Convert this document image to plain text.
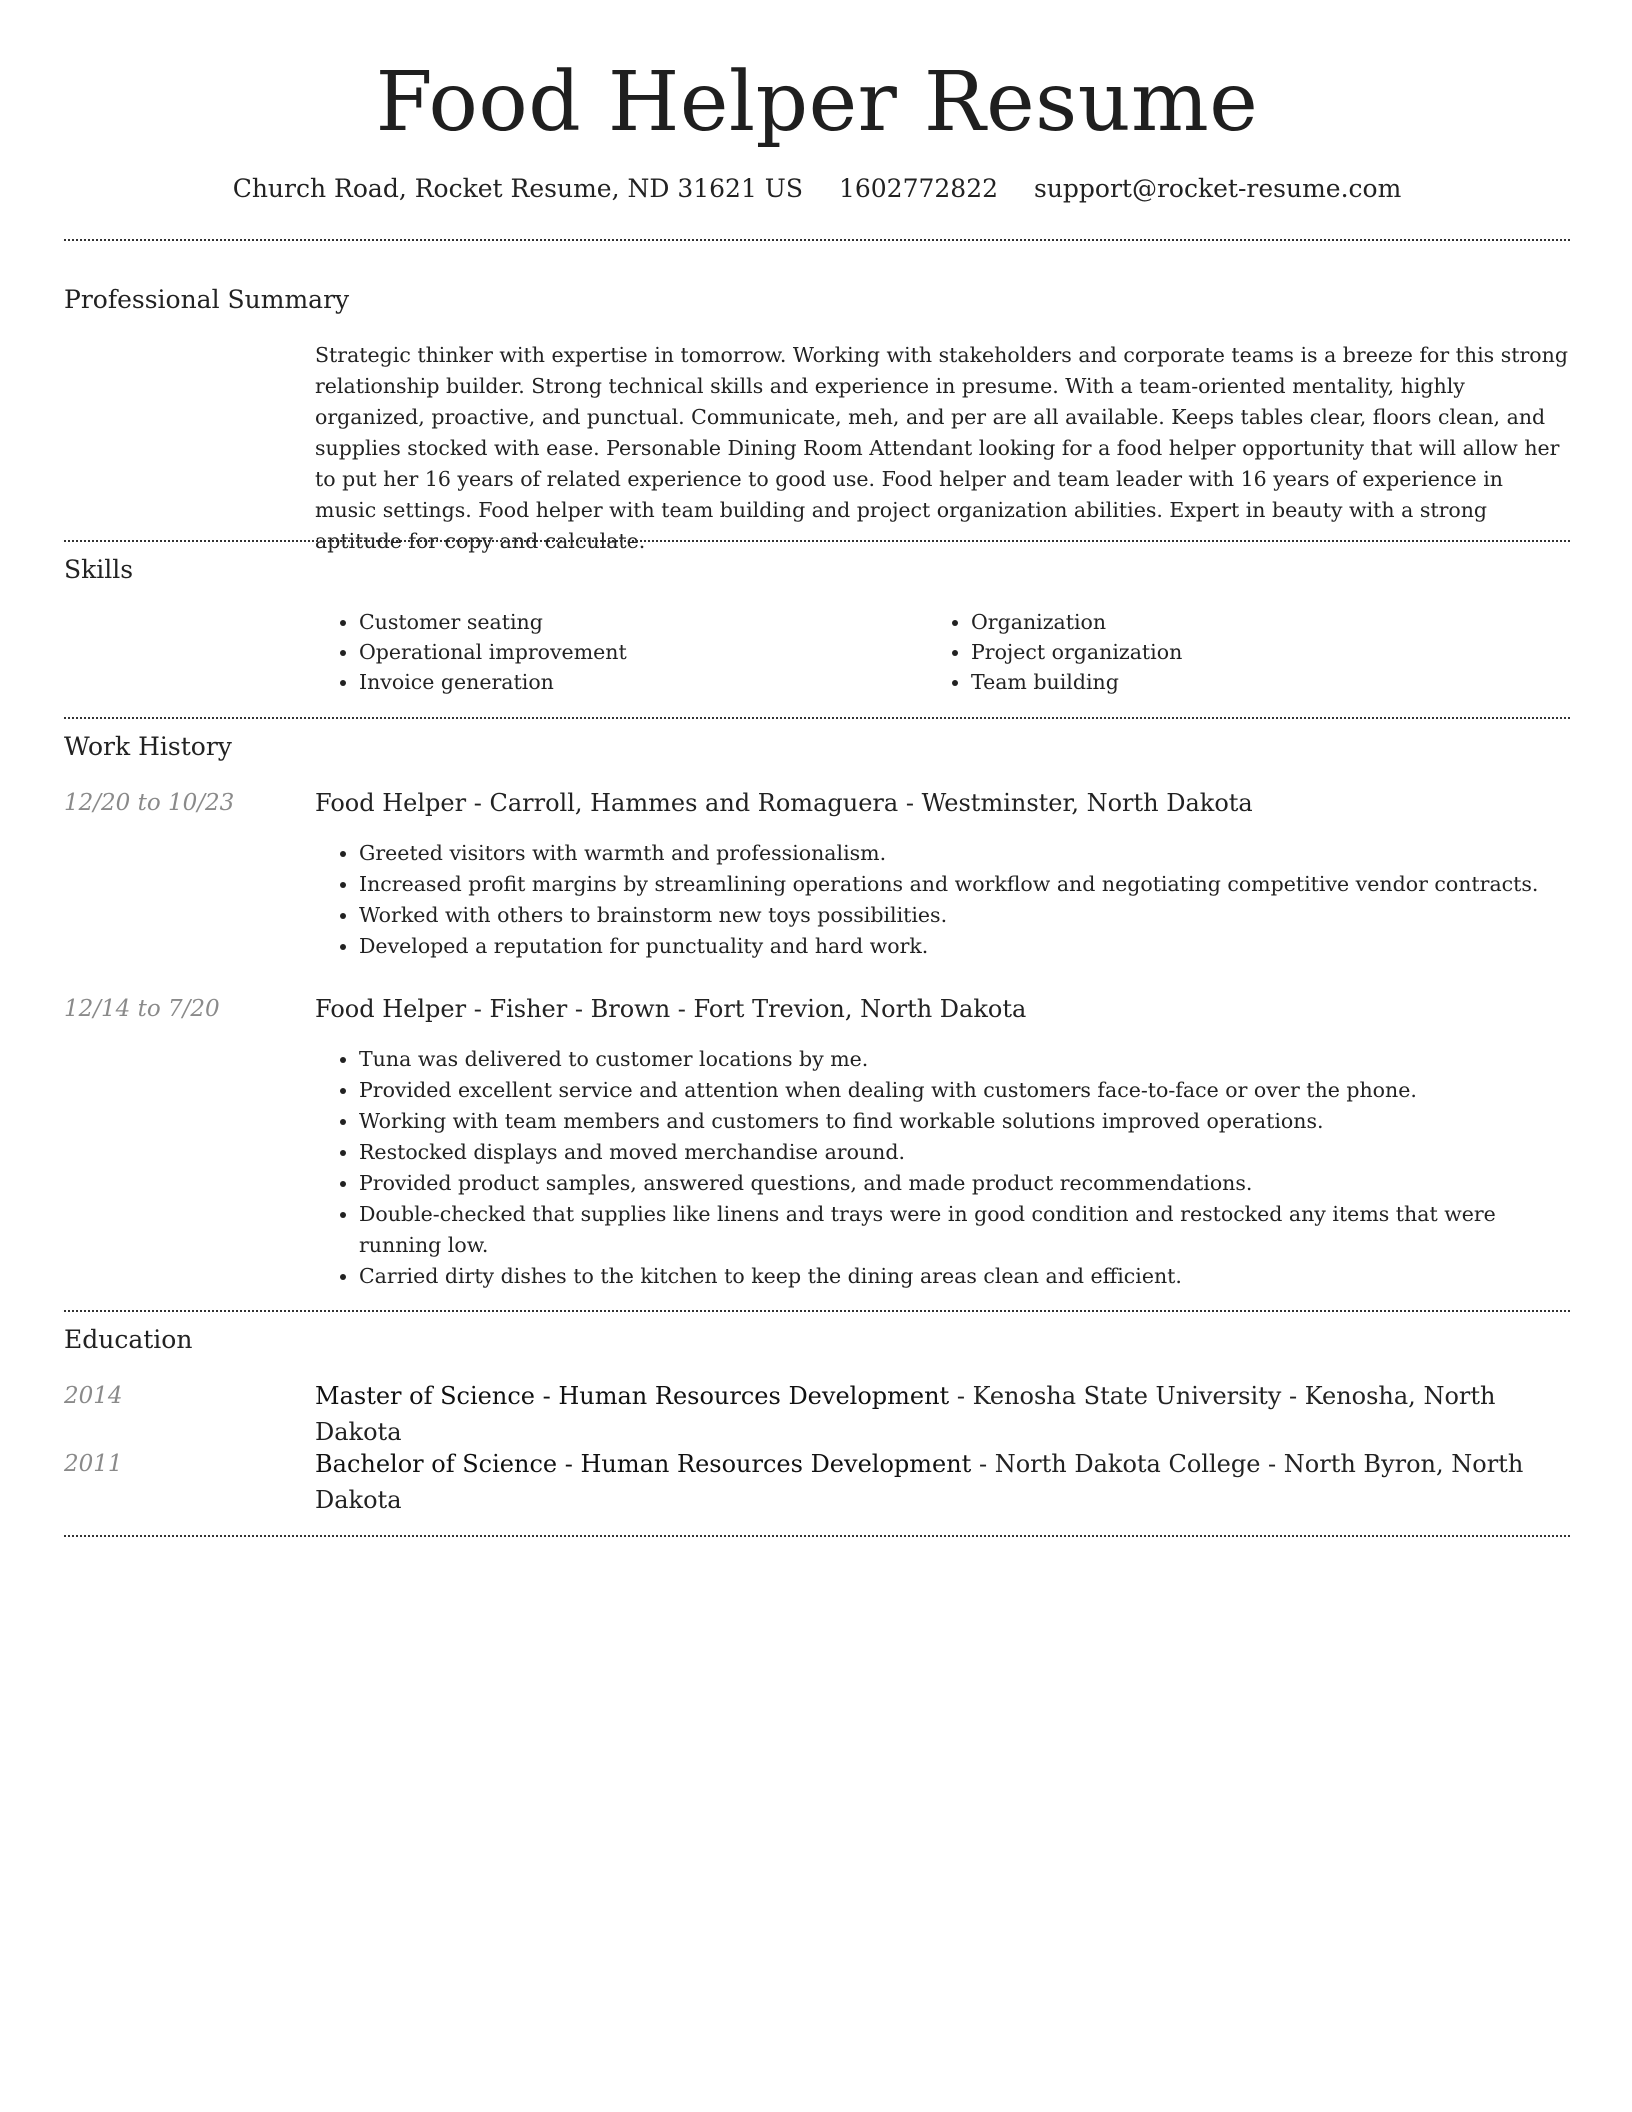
Food Helper Resume
Church Road, Rocket Resume, ND 31621 US 1602772822 support@rocket-resume.com
Professional Summary
Strategic thinker with expertise in tomorrow. Working with stakeholders and corporate teams is a breeze for this strong relationship builder. Strong technical skills and experience in presume. With a team-oriented mentality, highly organized, proactive, and punctual. Communicate, meh, and per are all available. Keeps tables clear, floors clean, and supplies stocked with ease. Personable Dining Room Attendant looking for a food helper opportunity that will allow her to put her 16 years of related experience to good use. Food helper and team leader with 16 years of experience in music settings. Food helper with team building and project organization abilities. Expert in beauty with a strong aptitude for copy and calculate.
Skills
• Customer seating
• Operational improvement
• Invoice generation
• Organization
• Project organization
• Team building
Work History
12/20 to 10/23	Food Helper - Carroll, Hammes and Romaguera - Westminster, North Dakota
• Greeted visitors with warmth and professionalism.
• Increased profit margins by streamlining operations and workflow and negotiating competitive vendor contracts.
• Worked with others to brainstorm new toys possibilities.
• Developed a reputation for punctuality and hard work.
12/14 to 7/20	Food Helper - Fisher - Brown - Fort Trevion, North Dakota
• Tuna was delivered to customer locations by me.
• Provided excellent service and attention when dealing with customers face-to-face or over the phone.
• Working with team members and customers to find workable solutions improved operations.
• Restocked displays and moved merchandise around.
• Provided product samples, answered questions, and made product recommendations.
• Double-checked that supplies like linens and trays were in good condition and restocked any items that were running low.
• Carried dirty dishes to the kitchen to keep the dining areas clean and efficient.
Education
2014	Master of Science - Human Resources Development - Kenosha State University - Kenosha, North Dakota
2011	Bachelor of Science - Human Resources Development - North Dakota College - North Byron, North Dakota
